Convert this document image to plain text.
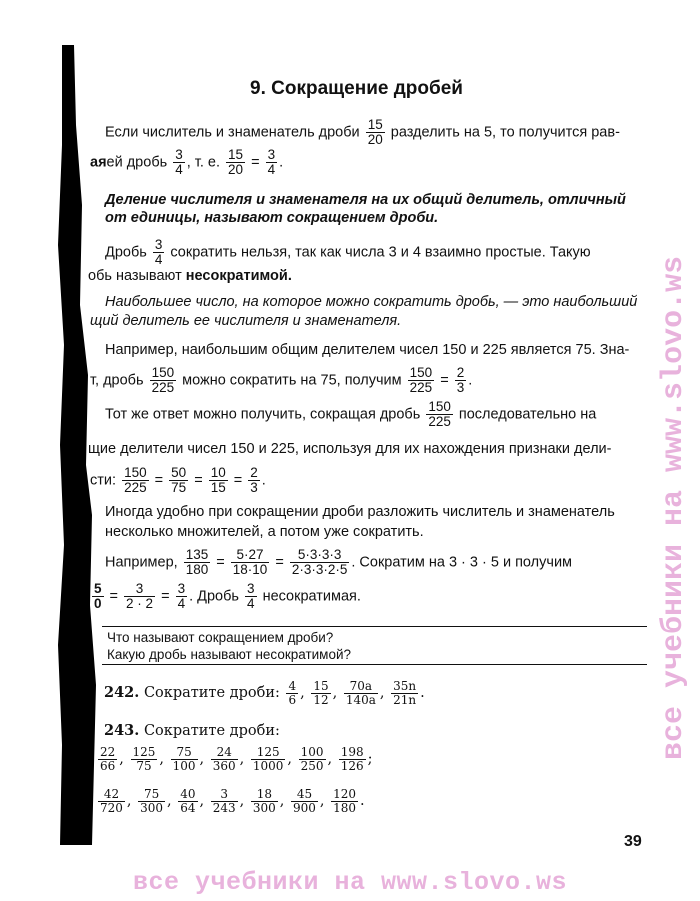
все учебники на www.slovo.ws
9. Сокращение дробей
Если числитель и знаменатель дроби $\frac{15}{20}$ разделить на 5, то получится рав-
аяей дробь $\frac{3}{4}$ , т. е. $\frac{15}{20} = \frac{3}{4}$ .
Деление числителя и знаменателя на их общий делитель, отличный
от единицы, называют сокращением дроби.
Дробь $\frac{3}{4}$ сократить нельзя, так как числа 3 и 4 взаимно простые. Такую
обь называют несократимой.
Наибольшее число, на которое можно сократить дробь, — это наибольший
щий делитель ее числителя и знаменателя.
Например, наибольшим общим делителем чисел 150 и 225 является 75. Зна-
т, дробь $\frac{150}{225}$ можно сократить на 75, получим $\frac{150}{225} = \frac{2}{3}$ .
Тот же ответ можно получить, сокращая дробь $\frac{150}{225}$ последовательно на
щие делители чисел 150 и 225, используя для их нахождения признаки дели-
сти: $\frac{150}{225} = \frac{50}{75} = \frac{10}{15} = \frac{2}{3}$ .
Иногда удобно при сокращении дроби разложить числитель и знаменатель
несколько множителей, а потом уже сократить.
Например, $\frac{135}{180} = \frac{5\cdot 27}{18\cdot 10} = \frac{5\cdot 3\cdot 3\cdot 3}{2\cdot 3\cdot 3\cdot 2\cdot 5}$ . Сократим на 3 · 3 · 5 и получим
$\frac{5}{0} = \frac{3}{2 \cdot 2} = \frac{3}{4}$ . Дробь $\frac{3}{4}$ несократимая.
Что называют сокращением дроби?
Какую дробь называют несократимой?
242. Сократите дроби: $\frac{4}{6}$ , $\frac{15}{12}$ , $\frac{70a}{140a}$ , $\frac{35n}{21n}$ .
243. Сократите дроби:
$\frac{22}{66}$ , $\frac{125}{75}$ , $\frac{75}{100}$ , $\frac{24}{360}$ , $\frac{125}{1000}$ , $\frac{100}{250}$ , $\frac{198}{126}$ ;
$\frac{42}{720}$ , $\frac{75}{300}$ , $\frac{40}{64}$ , $\frac{3}{243}$ , $\frac{18}{300}$ , $\frac{45}{900}$ , $\frac{120}{180}$ .
39
все учебники на www.slovo.ws
